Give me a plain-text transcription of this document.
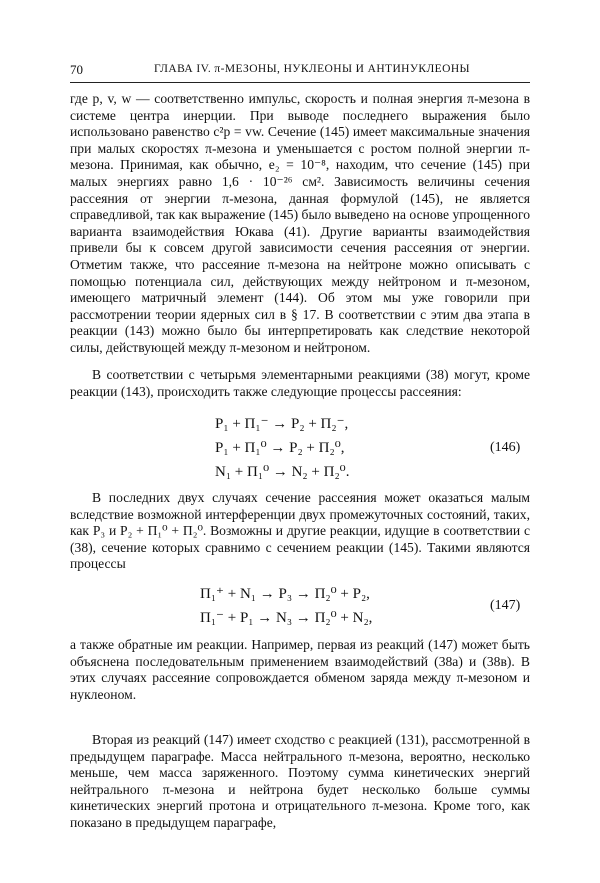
70	ГЛАВА IV. π-МЕЗОНЫ, НУКЛЕОНЫ И АНТИНУКЛЕОНЫ
где p, v, w — соответственно импульс, скорость и полная энергия π-мезона в системе центра инерции. При выводе последнего выражения было использовано равенство c²p = vw. Сечение (145) имеет максимальные значения при малых скоростях π-мезона и уменьшается с ростом полной энергии π-мезона. Принимая, как обычно, e₂ = 10⁻⁸, находим, что сечение (145) при малых энергиях равно 1,6 · 10⁻²⁶ см². Зависимость величины сечения рассеяния от энергии π-мезона, данная формулой (145), не является справедливой, так как выражение (145) было выведено на основе упрощенного варианта взаимодействия Юкава (41). Другие варианты взаимодействия привели бы к совсем другой зависимости сечения рассеяния от энергии. Отметим также, что рассеяние π-мезона на нейтроне можно описывать с помощью потенциала сил, действующих между нейтроном и π-мезоном, имеющего матричный элемент (144). Об этом мы уже говорили при рассмотрении теории ядерных сил в § 17. В соответствии с этим два этапа в реакции (143) можно было бы интерпретировать как следствие некоторой силы, действующей между π-мезоном и нейтроном.
В соответствии с четырьмя элементарными реакциями (38) могут, кроме реакции (143), происходить также следующие процессы рассеяния:
P₁ + Π₁⁻ → P₂ + Π₂⁻,
P₁ + Π₁⁰ → P₂ + Π₂⁰,
N₁ + Π₁⁰ → N₂ + Π₂⁰.
(146)
В последних двух случаях сечение рассеяния может оказаться малым вследствие возможной интерференции двух промежуточных состояний, таких, как P₃ и P₂ + Π₁⁰ + Π₂⁰. Возможны и другие реакции, идущие в соответствии с (38), сечение которых сравнимо с сечением реакции (145). Такими являются процессы
Π₁⁺ + N₁ → P₃ → Π₂⁰ + P₂,
Π₁⁻ + P₁ → N₃ → Π₂⁰ + N₂,
(147)
а также обратные им реакции. Например, первая из реакций (147) может быть объяснена последовательным применением взаимодействий (38а) и (38в). В этих случаях рассеяние сопровождается обменом заряда между π-мезоном и нуклеоном.
Вторая из реакций (147) имеет сходство с реакцией (131), рассмотренной в предыдущем параграфе. Масса нейтрального π-мезона, вероятно, несколько меньше, чем масса заряженного. Поэтому сумма кинетических энергий нейтрального π-мезона и нейтрона будет несколько больше суммы кинетических энергий протона и отрицательного π-мезона. Кроме того, как показано в предыдущем параграфе,
